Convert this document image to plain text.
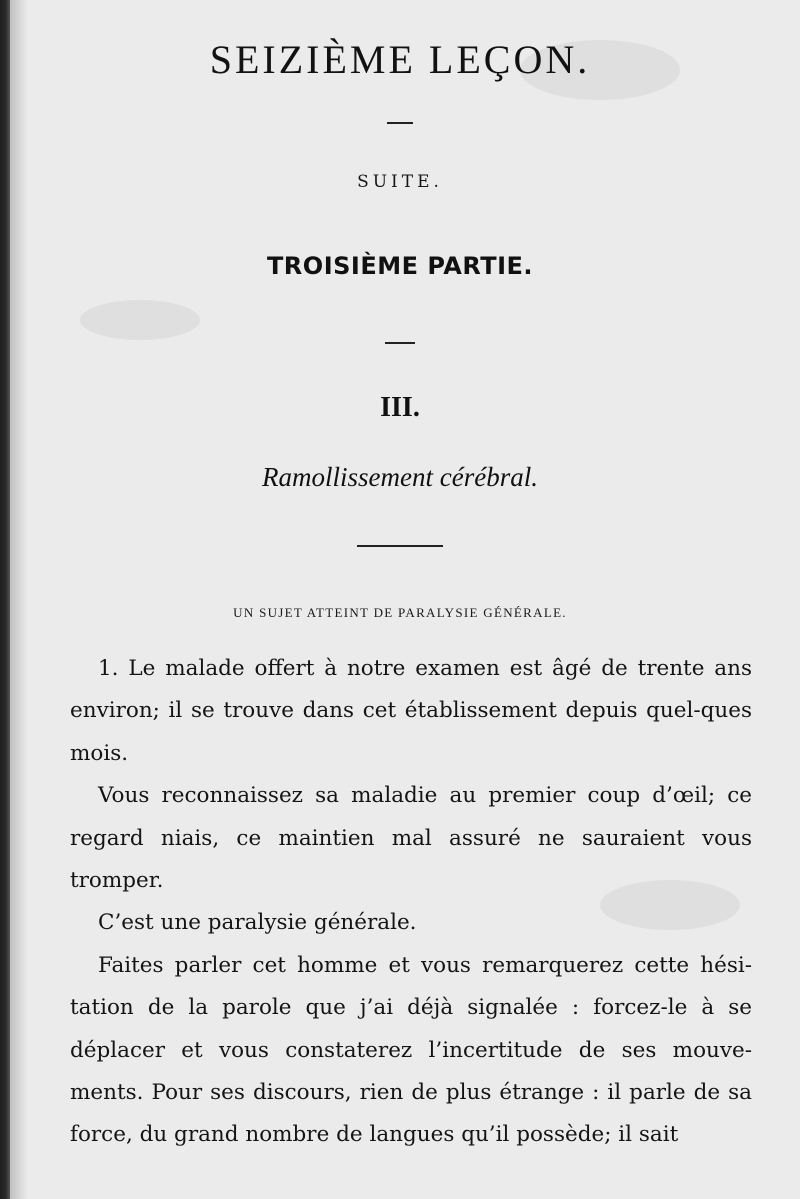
SEIZIÈME LEÇON.
SUITE.
TROISIÈME PARTIE.
III.
Ramollissement cérébral.
UN SUJET ATTEINT DE PARALYSIE GÉNÉRALE.

1. Le malade offert à notre examen est âgé de trente ans environ; il se trouve dans cet établissement depuis quel-ques mois.

Vous reconnaissez sa maladie au premier coup d’œil; ce regard niais, ce maintien mal assuré ne sauraient vous tromper.

C’est une paralysie générale.

Faites parler cet homme et vous remarquerez cette hési-tation de la parole que j’ai déjà signalée : forcez-le à se déplacer et vous constaterez l’incertitude de ses mouve-ments. Pour ses discours, rien de plus étrange : il parle de sa force, du grand nombre de langues qu’il possède; il sait
